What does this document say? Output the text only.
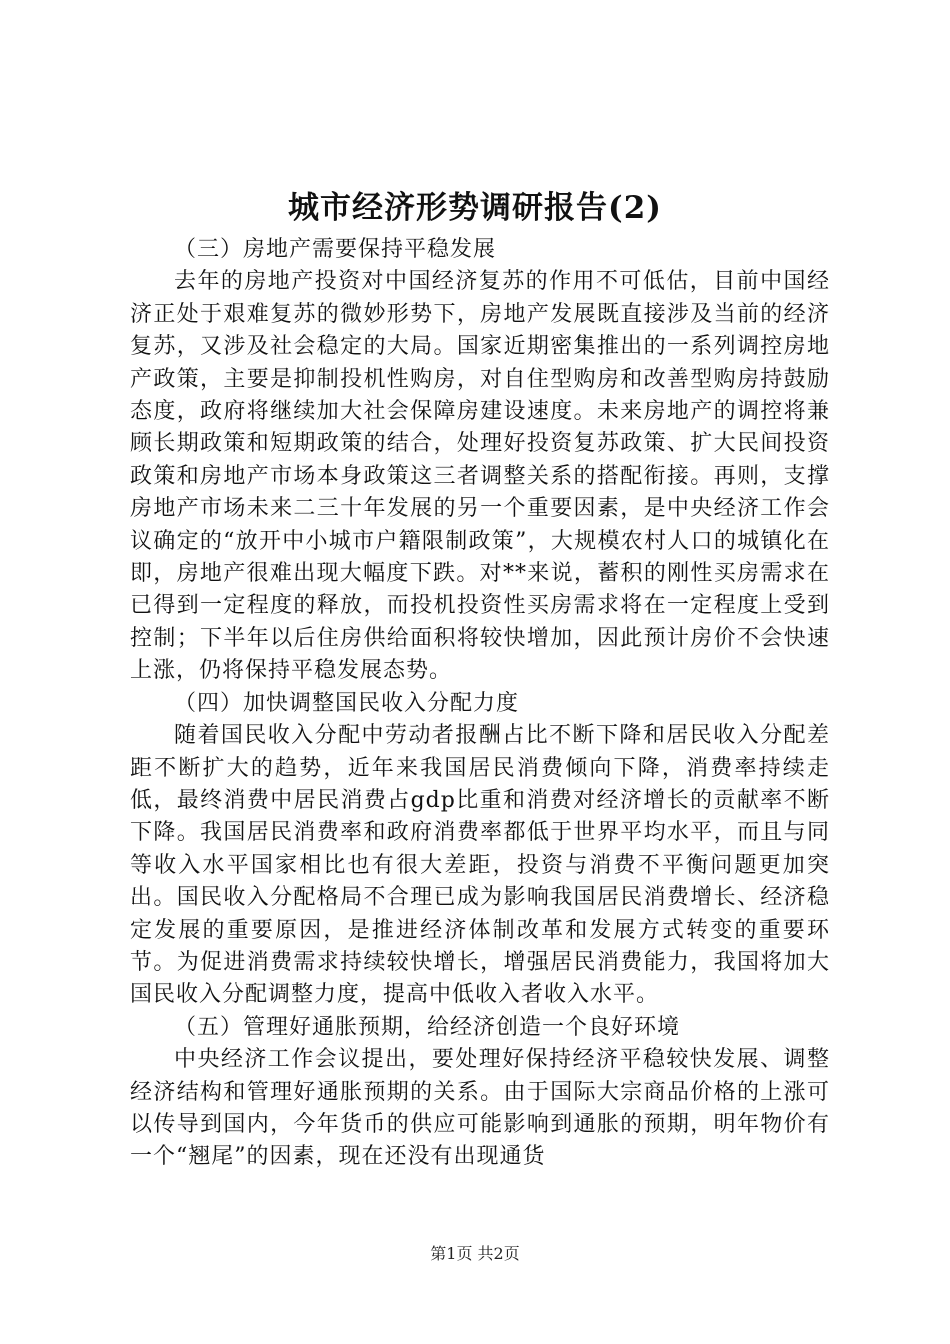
城市经济形势调研报告(2)

（三）房地产需要保持平稳发展

去年的房地产投资对中国经济复苏的作用不可低估，目前中国经济正处于艰难复苏的微妙形势下，房地产发展既直接涉及当前的经济复苏，又涉及社会稳定的大局。国家近期密集推出的一系列调控房地产政策，主要是抑制投机性购房，对自住型购房和改善型购房持鼓励态度，政府将继续加大社会保障房建设速度。未来房地产的调控将兼顾长期政策和短期政策的结合，处理好投资复苏政策、扩大民间投资政策和房地产市场本身政策这三者调整关系的搭配衔接。再则，支撑房地产市场未来二三十年发展的另一个重要因素，是中央经济工作会议确定的“放开中小城市户籍限制政策”，大规模农村人口的城镇化在即，房地产很难出现大幅度下跌。对**来说，蓄积的刚性买房需求在已得到一定程度的释放，而投机投资性买房需求将在一定程度上受到控制；下半年以后住房供给面积将较快增加，因此预计房价不会快速上涨，仍将保持平稳发展态势。

（四）加快调整国民收入分配力度

随着国民收入分配中劳动者报酬占比不断下降和居民收入分配差距不断扩大的趋势，近年来我国居民消费倾向下降，消费率持续走低，最终消费中居民消费占gdp比重和消费对经济增长的贡献率不断下降。我国居民消费率和政府消费率都低于世界平均水平，而且与同等收入水平国家相比也有很大差距，投资与消费不平衡问题更加突出。国民收入分配格局不合理已成为影响我国居民消费增长、经济稳定发展的重要原因，是推进经济体制改革和发展方式转变的重要环节。为促进消费需求持续较快增长，增强居民消费能力，我国将加大国民收入分配调整力度，提高中低收入者收入水平。

（五）管理好通胀预期，给经济创造一个良好环境

中央经济工作会议提出，要处理好保持经济平稳较快发展、调整经济结构和管理好通胀预期的关系。由于国际大宗商品价格的上涨可以传导到国内，今年货币的供应可能影响到通胀的预期，明年物价有一个“翘尾”的因素，现在还没有出现通货

第1页 共2页
